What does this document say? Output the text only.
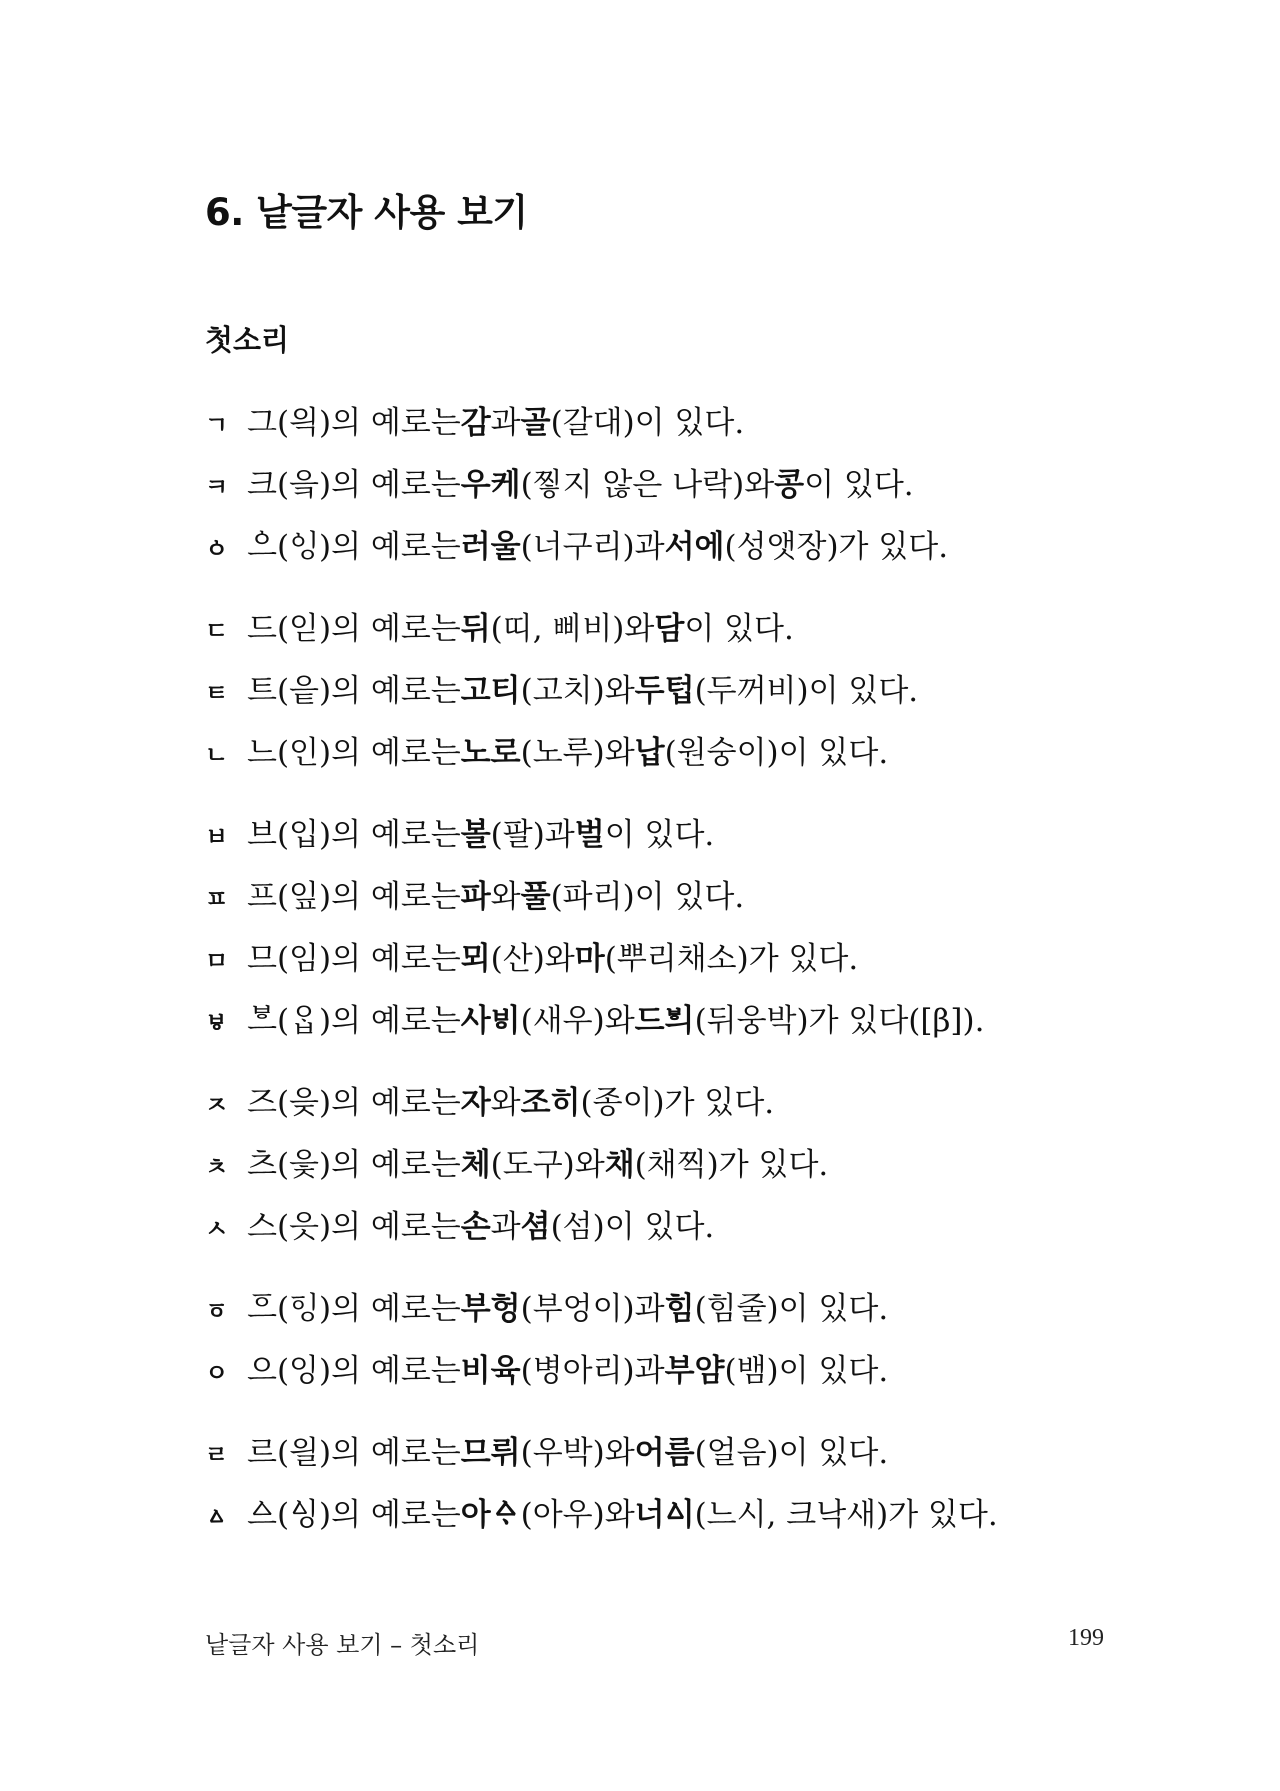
6. 낱글자 사용 보기
첫소리
ㄱ 그(읙)의 예로는 감 과 골 (갈대)이 있다.
ㅋ 크(읔)의 예로는 우케 (찧지 않은 나락)와 콩 이 있다.
ㆁ ᅌᅳ(ᅌᅵᆼ)의 예로는 러울 (너구리)과 서에 (성앳장)가 있다.
ㄷ 드(읻)의 예로는 뒤 (띠, 삐비)와 담 이 있다.
ㅌ 트(읕)의 예로는 고티 (고치)와 두텁 (두꺼비)이 있다.
ㄴ 느(인)의 예로는 노로 (노루)와 납 (원숭이)이 있다.
ㅂ 브(입)의 예로는 볼 (팔)과 벌 이 있다.
ㅍ 프(잎)의 예로는 파 와 풀 (파리)이 있다.
ㅁ 므(임)의 예로는 뫼 (산)와 마 (뿌리채소)가 있다.
ㅸ ᄫᅳ(ᄋᆞᆸ)의 예로는 사ᄫᅵ (새우)와 드ᄫᅴ (뒤웅박)가 있다([β]).
ㅈ 즈(읒)의 예로는 자 와 조히 (종이)가 있다.
ㅊ 츠(읓)의 예로는 체 (도구)와 채 (채찍)가 있다.
ㅅ 스(읏)의 예로는 손 과 셤 (섬)이 있다.
ㆆ ᅙᅳ(ᅙᅵᆼ)의 예로는 부헝 (부엉이)과 힘 (힘줄)이 있다.
ㅇ 으(잉)의 예로는 비육 (병아리)과 부얌 (뱀)이 있다.
ㄹ 르(읠)의 예로는 므뤼 (우박)와 어름 (얼음)이 있다.
ㅿ ᅀᅳ(ᅀᅵᆼ)의 예로는 아ᅀᆞ (아우)와 너ᅀᅵ (느시, 크낙새)가 있다.
낱글자 사용 보기 – 첫소리	199
